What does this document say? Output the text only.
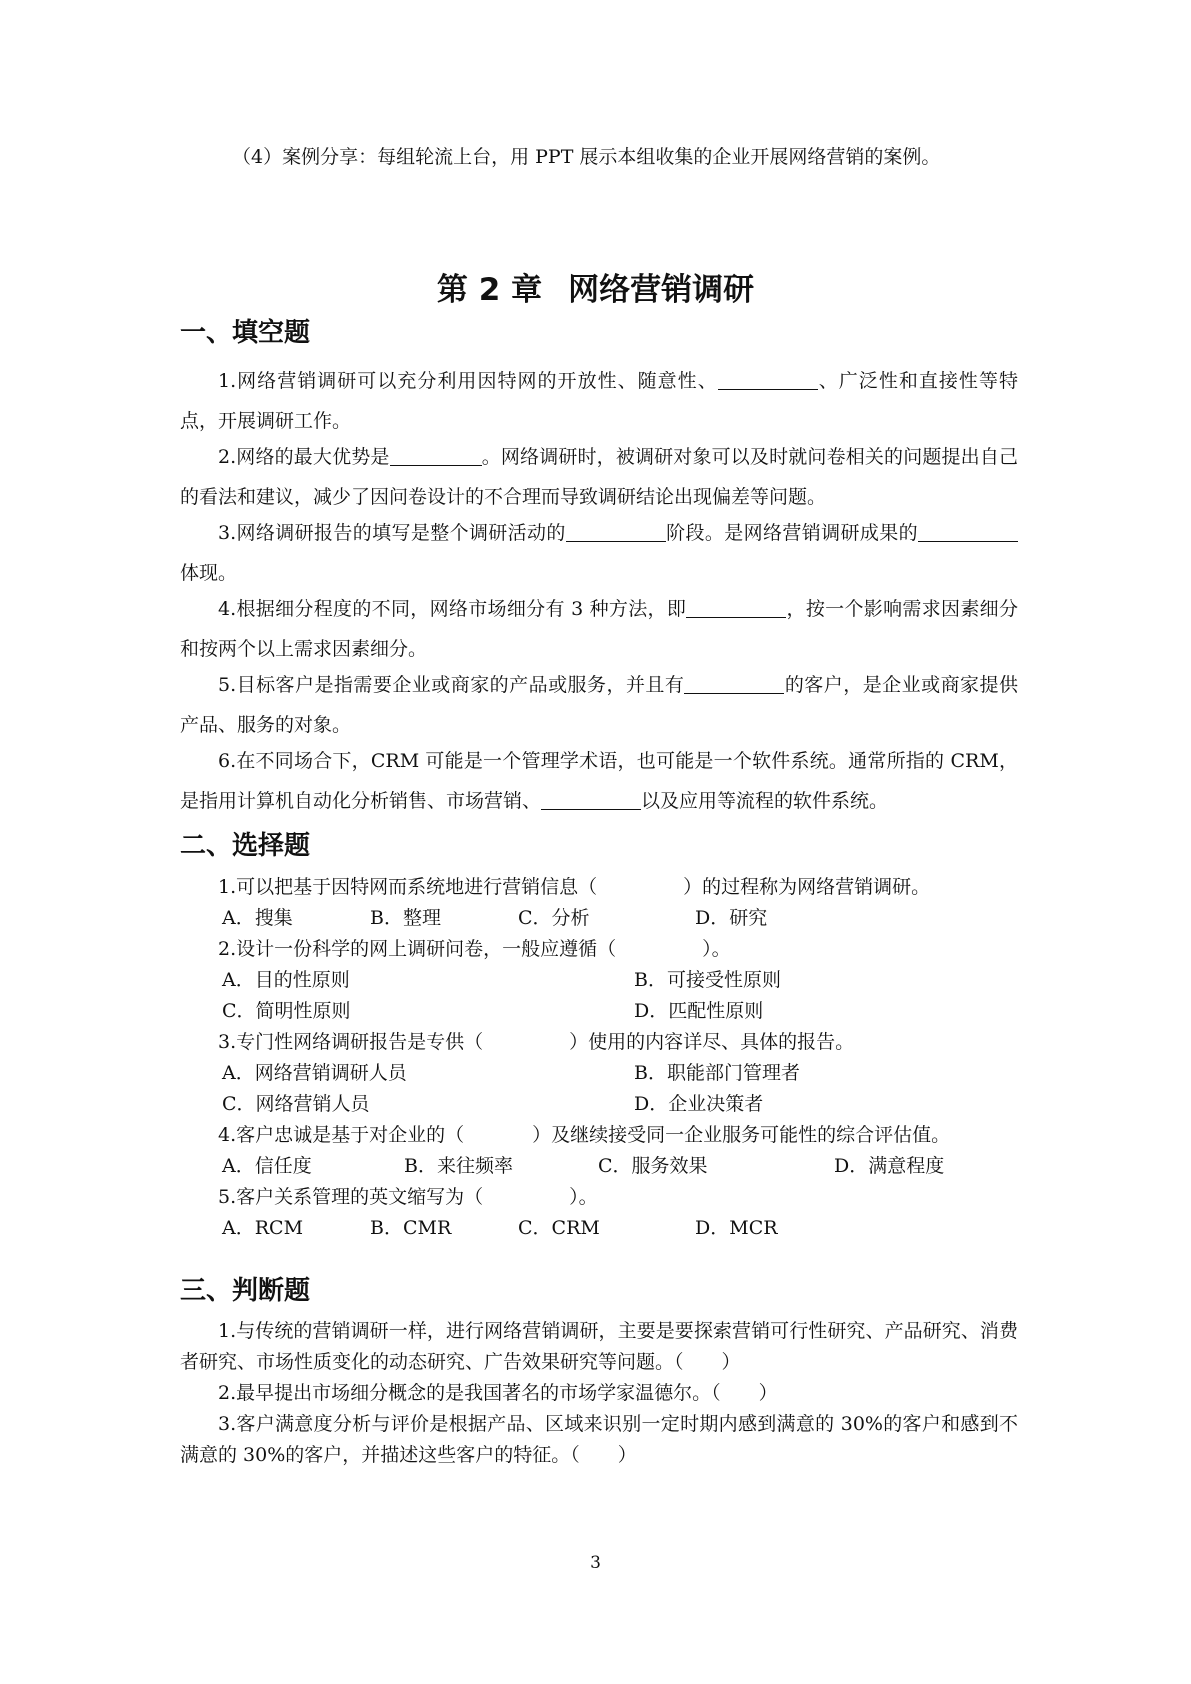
（4）案例分享：每组轮流上台，用 PPT 展示本组收集的企业开展网络营销的案例。
第 2 章 网络营销调研
一、填空题
1.网络营销调研可以充分利用因特网的开放性、随意性、	、广泛性和直接性等特点，开展调研工作。
2.网络的最大优势是	。网络调研时，被调研对象可以及时就问卷相关的问题提出自己的看法和建议，减少了因问卷设计的不合理而导致调研结论出现偏差等问题。
3.网络调研报告的填写是整个调研活动的	阶段。是网络营销调研成果的体现。
4.根据细分程度的不同，网络市场细分有 3 种方法，即	，按一个影响需求因素细分和按两个以上需求因素细分。
5.目标客户是指需要企业或商家的产品或服务，并且有	的客户，是企业或商家提供产品、服务的对象。
6.在不同场合下，CRM 可能是一个管理学术语，也可能是一个软件系统。通常所指的 CRM，是指用计算机自动化分析销售、市场营销、	以及应用等流程的软件系统。
二、选择题
1.可以把基于因特网而系统地进行营销信息（	）的过程称为网络营销调研。
A．搜集	B．整理	C．分析	D．研究
2.设计一份科学的网上调研问卷，一般应遵循（	）。
A．目的性原则	B．可接受性原则
C．简明性原则	D．匹配性原则
3.专门性网络调研报告是专供（	）使用的内容详尽、具体的报告。
A．网络营销调研人员	B．职能部门管理者
C．网络营销人员	D．企业决策者
4.客户忠诚是基于对企业的（	）及继续接受同一企业服务可能性的综合评估值。
A．信任度	B．来往频率	C．服务效果	D．满意程度
5.客户关系管理的英文缩写为（	）。
A．RCM	B．CMR	C．CRM	D．MCR
三、判断题
1.与传统的营销调研一样，进行网络营销调研，主要是要探索营销可行性研究、产品研究、消费者研究、市场性质变化的动态研究、广告效果研究等问题。（　　）
2.最早提出市场细分概念的是我国著名的市场学家温德尔。（　　）
3.客户满意度分析与评价是根据产品、区域来识别一定时期内感到满意的 30%的客户和感到不满意的 30%的客户，并描述这些客户的特征。（　　）
3
